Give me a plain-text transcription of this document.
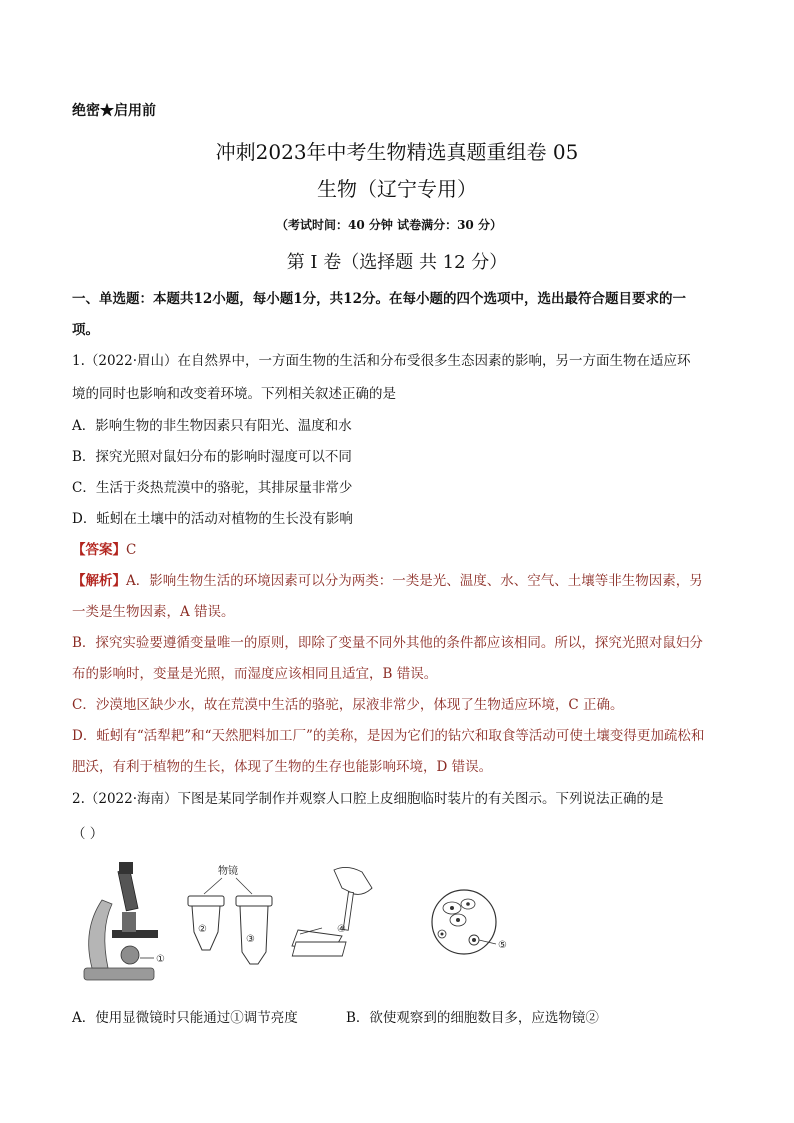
绝密★启用前
冲刺2023年中考生物精选真题重组卷 05
生物（辽宁专用）
（考试时间：40 分钟 试卷满分：30 分）
第 I 卷（选择题 共 12 分）
一、单选题：本题共12小题，每小题1分，共12分。在每小题的四个选项中，选出最符合题目要求的一
项。
1.（2022·眉山）在自然界中，一方面生物的生活和分布受很多生态因素的影响，另一方面生物在适应环
境的同时也影响和改变着环境。下列相关叙述正确的是
A．影响生物的非生物因素只有阳光、温度和水
B．探究光照对鼠妇分布的影响时湿度可以不同
C．生活于炎热荒漠中的骆驼，其排尿量非常少
D．蚯蚓在土壤中的活动对植物的生长没有影响
【答案】C
【解析】A．影响生物生活的环境因素可以分为两类：一类是光、温度、水、空气、土壤等非生物因素，另
一类是生物因素，A 错误。
B．探究实验要遵循变量唯一的原则，即除了变量不同外其他的条件都应该相同。所以，探究光照对鼠妇分
布的影响时，变量是光照，而湿度应该相同且适宜，B 错误。
C．沙漠地区缺少水，故在荒漠中生活的骆驼，尿液非常少，体现了生物适应环境，C 正确。
D．蚯蚓有“活犁耙”和“天然肥料加工厂”的美称，是因为它们的钻穴和取食等活动可使土壤变得更加疏松和
肥沃，有利于植物的生长，体现了生物的生存也能影响环境，D 错误。
2.（2022·海南）下图是某同学制作并观察人口腔上皮细胞临时装片的有关图示。下列说法正确的是
（ ）
①
物镜
②
③
④
⑤
A．使用显微镜时只能通过①调节亮度	B．欲使观察到的细胞数目多，应选物镜②
